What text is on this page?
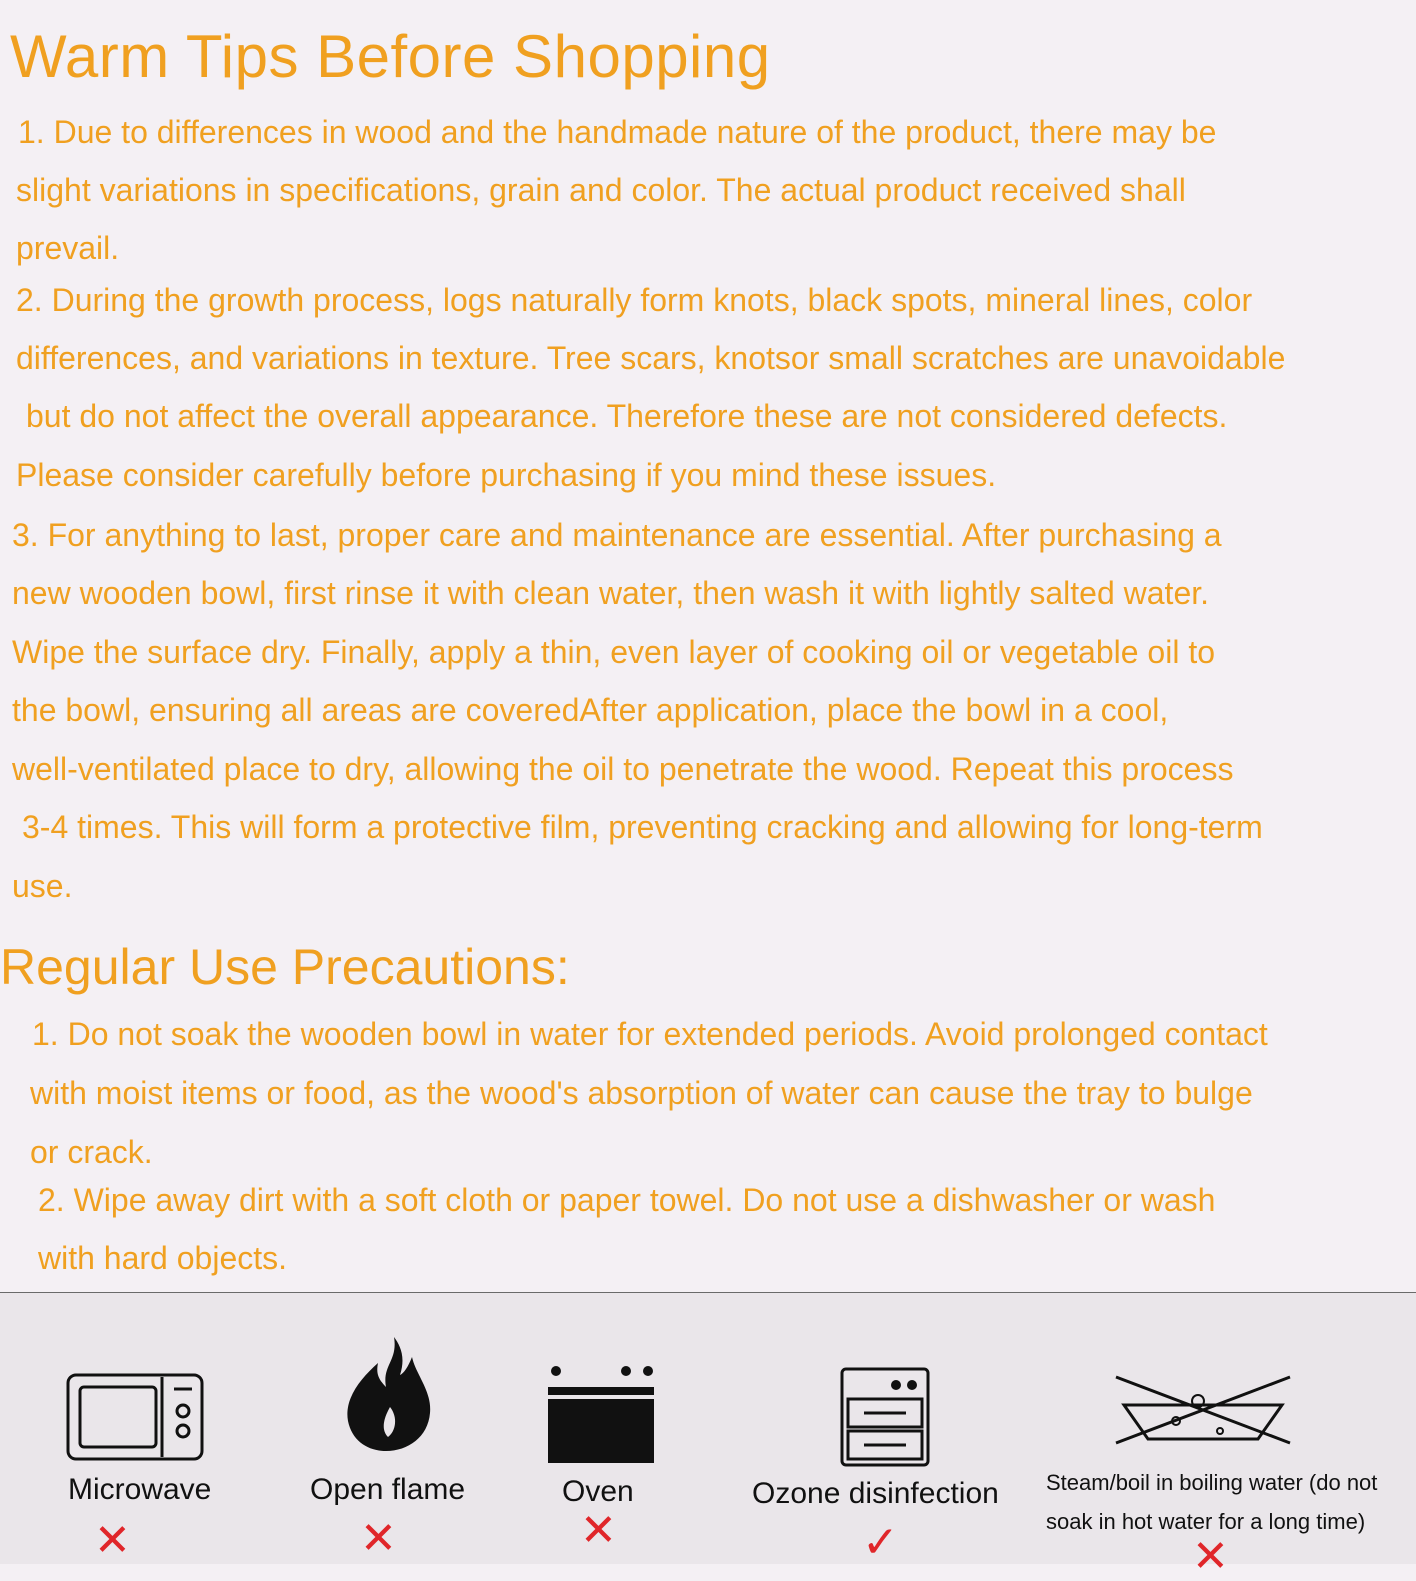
Warm Tips Before Shopping
1. Due to differences in wood and the handmade nature of the product, there may be
slight variations in specifications, grain and color. The actual product received shall
prevail.
2. During the growth process, logs naturally form knots, black spots, mineral lines, color
differences, and variations in texture. Tree scars, knotsor small scratches are unavoidable
but do not affect the overall appearance. Therefore these are not considered defects.
Please consider carefully before purchasing if you mind these issues.
3. For anything to last, proper care and maintenance are essential. After purchasing a
new wooden bowl, first rinse it with clean water, then wash it with lightly salted water.
Wipe the surface dry. Finally, apply a thin, even layer of cooking oil or vegetable oil to
the bowl, ensuring all areas are coveredAfter application, place the bowl in a cool,
well-ventilated place to dry, allowing the oil to penetrate the wood. Repeat this process
3-4 times. This will form a protective film, preventing cracking and allowing for long-term
use.
Regular Use Precautions:
1. Do not soak the wooden bowl in water for extended periods. Avoid prolonged contact
with moist items or food, as the wood's absorption of water can cause the tray to bulge
or crack.
2. Wipe away dirt with a soft cloth or paper towel. Do not use a dishwasher or wash
with hard objects.
Microwave
✕
Open flame
✕
Oven
✕
Ozone disinfection
✓
Steam/boil in boiling water (do not
soak in hot water for a long time)
✕
